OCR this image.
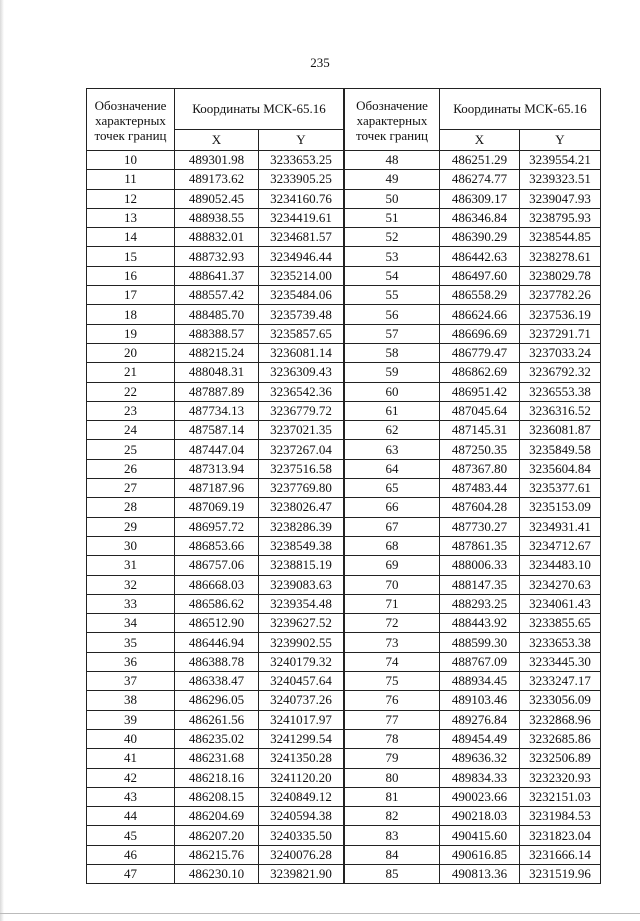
235
Обозначение характерных точек границ	Координаты МСК-65.16	
	X	Y
10	489301.98	3233653.25
11	489173.62	3233905.25
12	489052.45	3234160.76
13	488938.55	3234419.61
14	488832.01	3234681.57
15	488732.93	3234946.44
16	488641.37	3235214.00
17	488557.42	3235484.06
18	488485.70	3235739.48
19	488388.57	3235857.65
20	488215.24	3236081.14
21	488048.31	3236309.43
22	487887.89	3236542.36
23	487734.13	3236779.72
24	487587.14	3237021.35
25	487447.04	3237267.04
26	487313.94	3237516.58
27	487187.96	3237769.80
28	487069.19	3238026.47
29	486957.72	3238286.39
30	486853.66	3238549.38
31	486757.06	3238815.19
32	486668.03	3239083.63
33	486586.62	3239354.48
34	486512.90	3239627.52
35	486446.94	3239902.55
36	486388.78	3240179.32
37	486338.47	3240457.64
38	486296.05	3240737.26
39	486261.56	3241017.97
40	486235.02	3241299.54
41	486231.68	3241350.28
42	486218.16	3241120.20
43	486208.15	3240849.12
44	486204.69	3240594.38
45	486207.20	3240335.50
46	486215.76	3240076.28
47	486230.10	3239821.90
Обозначение характерных точек границ	Координаты МСК-65.16	
	X	Y
48	486251.29	3239554.21
49	486274.77	3239323.51
50	486309.17	3239047.93
51	486346.84	3238795.93
52	486390.29	3238544.85
53	486442.63	3238278.61
54	486497.60	3238029.78
55	486558.29	3237782.26
56	486624.66	3237536.19
57	486696.69	3237291.71
58	486779.47	3237033.24
59	486862.69	3236792.32
60	486951.42	3236553.38
61	487045.64	3236316.52
62	487145.31	3236081.87
63	487250.35	3235849.58
64	487367.80	3235604.84
65	487483.44	3235377.61
66	487604.28	3235153.09
67	487730.27	3234931.41
68	487861.35	3234712.67
69	488006.33	3234483.10
70	488147.35	3234270.63
71	488293.25	3234061.43
72	488443.92	3233855.65
73	488599.30	3233653.38
74	488767.09	3233445.30
75	488934.45	3233247.17
76	489103.46	3233056.09
77	489276.84	3232868.96
78	489454.49	3232685.86
79	489636.32	3232506.89
80	489834.33	3232320.93
81	490023.66	3232151.03
82	490218.03	3231984.53
83	490415.60	3231823.04
84	490616.85	3231666.14
85	490813.36	3231519.96
